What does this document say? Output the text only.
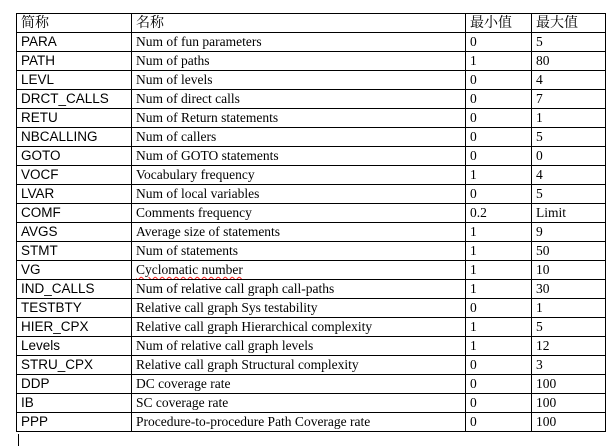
简称	名称	最小值	最大值
PARA	Num of fun parameters	0	5
PATH	Num of paths	1	80
LEVL	Num of levels	0	4
DRCT_CALLS	Num of direct calls	0	7
RETU	Num of Return statements	0	1
NBCALLING	Num of callers	0	5
GOTO	Num of GOTO statements	0	0
VOCF	Vocabulary frequency	1	4
LVAR	Num of local variables	0	5
COMF	Comments frequency	0.2	Limit
AVGS	Average size of statements	1	9
STMT	Num of statements	1	50
VG	Cyclomatic number	1	10
IND_CALLS	Num of relative call graph call-paths	1	30
TESTBTY	Relative call graph Sys testability	0	1
HIER_CPX	Relative call graph Hierarchical complexity	1	5
Levels	Num of relative call graph levels	1	12
STRU_CPX	Relative call graph Structural complexity	0	3
DDP	DC coverage rate	0	100
IB	SC coverage rate	0	100
PPP	Procedure-to-procedure Path Coverage rate	0	100
